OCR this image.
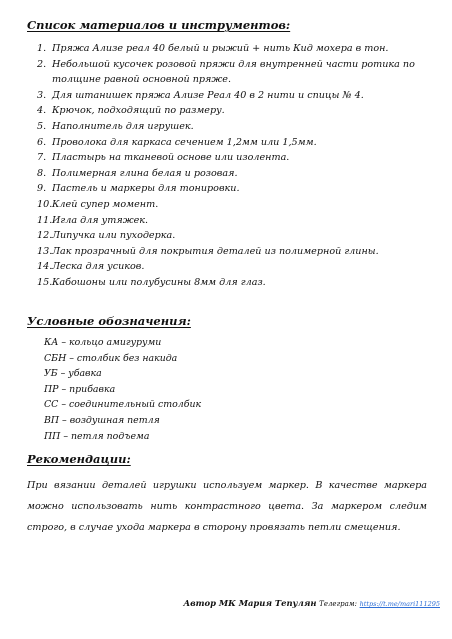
Список материалов и инструментов:
1. Пряжа Ализе реал 40 белый и рыжий + нить Кид мохера в тон.
2. Небольшой кусочек розовой пряжи для внутренней части ротика по толщине равной основной пряже.
3. Для штанишек пряжа Ализе Реал 40 в 2 нити и спицы № 4.
4. Крючок, подходящий по размеру.
5. Наполнитель для игрушек.
6. Проволока для каркаса сечением 1,2мм или 1,5мм.
7. Пластырь на тканевой основе или изолента.
8. Полимерная глина белая и розовая.
9. Пастель и маркеры для тонировки.
10. Клей супер момент.
11. Игла для утяжек.
12. Липучка или пуходерка.
13. Лак прозрачный для покрытия деталей из полимерной глины.
14. Леска для усиков.
15. Кабошоны или полубусины 8мм для глаз.
Условные обозначения:
КА – кольцо амигуруми
СБН – столбик без накида
УБ – убавка
ПР – прибавка
СС – соединительный столбик
ВП – воздушная петля
ПП – петля подъема
Рекомендации:

При вязании деталей игрушки используем маркер. В качестве маркера можно использовать нить контрастного цвета. За маркером следим строго, в случае ухода маркера в сторону провязать петли смещения.

Автор МК Мария Тепулян Телеграм: https://t.me/mari111295
